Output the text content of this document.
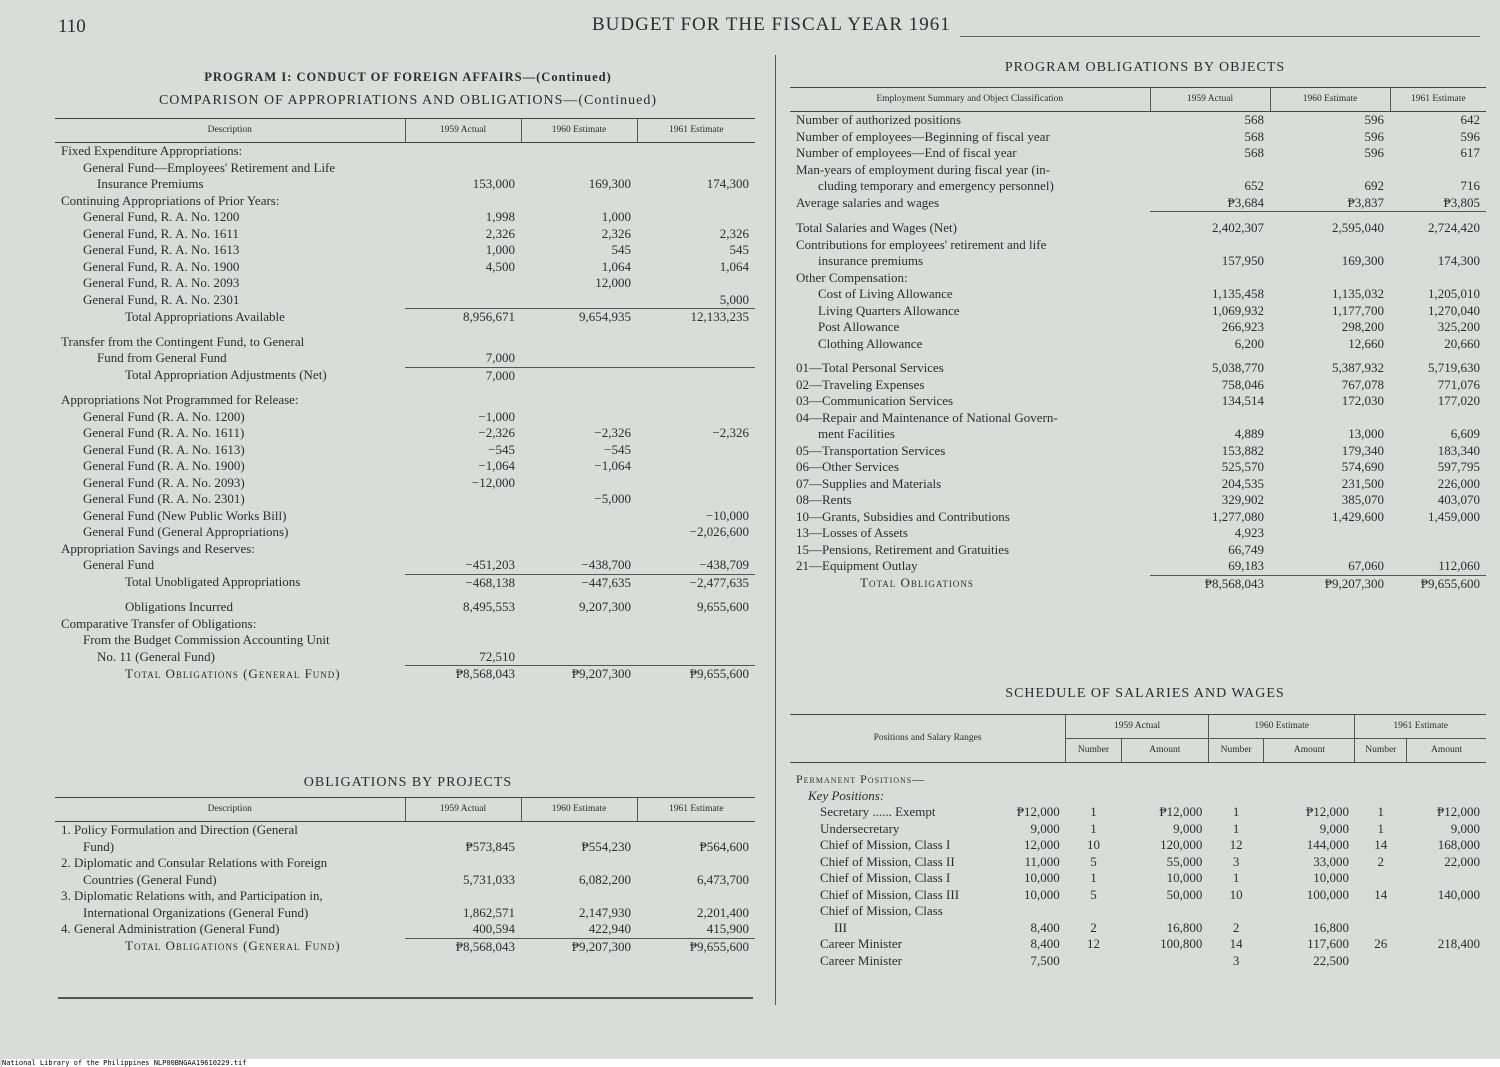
110	BUDGET FOR THE FISCAL YEAR 1961
PROGRAM I: CONDUCT OF FOREIGN AFFAIRS—(Continued)
COMPARISON OF APPROPRIATIONS AND OBLIGATIONS—(Continued)
Description	1959 Actual	1960 Estimate	1961 Estimate
Fixed Expenditure Appropriations:			
General Fund—Employees' Retirement and Life			
Insurance Premiums	153,000	169,300	174,300
Continuing Appropriations of Prior Years:			
General Fund, R. A. No. 1200	1,998	1,000	
General Fund, R. A. No. 1611	2,326	2,326	2,326
General Fund, R. A. No. 1613	1,000	545	545
General Fund, R. A. No. 1900	4,500	1,064	1,064
General Fund, R. A. No. 2093		12,000	
General Fund, R. A. No. 2301			5,000
Total Appropriations Available	8,956,671	9,654,935	12,133,235

Transfer from the Contingent Fund, to General			
Fund from General Fund	7,000		
Total Appropriation Adjustments (Net)	7,000		

Appropriations Not Programmed for Release:			
General Fund (R. A. No. 1200)	−1,000		
General Fund (R. A. No. 1611)	−2,326	−2,326	−2,326
General Fund (R. A. No. 1613)	−545	−545	
General Fund (R. A. No. 1900)	−1,064	−1,064	
General Fund (R. A. No. 2093)	−12,000		
General Fund (R. A. No. 2301)		−5,000	
General Fund (New Public Works Bill)			−10,000
General Fund (General Appropriations)			−2,026,600
Appropriation Savings and Reserves:			
General Fund	−451,203	−438,700	−438,709
Total Unobligated Appropriations	−468,138	−447,635	−2,477,635

Obligations Incurred	8,495,553	9,207,300	9,655,600
Comparative Transfer of Obligations:			
From the Budget Commission Accounting Unit			
No. 11 (General Fund)	72,510		
Total Obligations (General Fund)	₱8,568,043	₱9,207,300	₱9,655,600
OBLIGATIONS BY PROJECTS
Description	1959 Actual	1960 Estimate	1961 Estimate
1. Policy Formulation and Direction (General			
Fund)	₱573,845	₱554,230	₱564,600
2. Diplomatic and Consular Relations with Foreign			
Countries (General Fund)	5,731,033	6,082,200	6,473,700
3. Diplomatic Relations with, and Participation in,			
International Organizations (General Fund)	1,862,571	2,147,930	2,201,400
4. General Administration (General Fund)	400,594	422,940	415,900
Total Obligations (General Fund)	₱8,568,043	₱9,207,300	₱9,655,600
PROGRAM OBLIGATIONS BY OBJECTS
Employment Summary and Object Classification	1959 Actual	1960 Estimate	1961 Estimate
Number of authorized positions	568	596	642
Number of employees—Beginning of fiscal year	568	596	596
Number of employees—End of fiscal year	568	596	617
Man-years of employment during fiscal year (in-			
cluding temporary and emergency personnel)	652	692	716
Average salaries and wages	₱3,684	₱3,837	₱3,805

Total Salaries and Wages (Net)	2,402,307	2,595,040	2,724,420
Contributions for employees' retirement and life			
insurance premiums	157,950	169,300	174,300
Other Compensation:			
Cost of Living Allowance	1,135,458	1,135,032	1,205,010
Living Quarters Allowance	1,069,932	1,177,700	1,270,040
Post Allowance	266,923	298,200	325,200
Clothing Allowance	6,200	12,660	20,660

01—Total Personal Services	5,038,770	5,387,932	5,719,630
02—Traveling Expenses	758,046	767,078	771,076
03—Communication Services	134,514	172,030	177,020
04—Repair and Maintenance of National Govern-			
ment Facilities	4,889	13,000	6,609
05—Transportation Services	153,882	179,340	183,340
06—Other Services	525,570	574,690	597,795
07—Supplies and Materials	204,535	231,500	226,000
08—Rents	329,902	385,070	403,070
10—Grants, Subsidies and Contributions	1,277,080	1,429,600	1,459,000
13—Losses of Assets	4,923		
15—Pensions, Retirement and Gratuities	66,749		
21—Equipment Outlay	69,183	67,060	112,060
Total Obligations	₱8,568,043	₱9,207,300	₱9,655,600
SCHEDULE OF SALARIES AND WAGES
Positions and Salary Ranges		1959 Actual		1960 Estimate		1961 Estimate	
		Number	Amount	Number	Amount	Number	Amount

Permanent Positions—							
Key Positions:							
Secretary ...... Exempt	₱12,000	1	₱12,000	1	₱12,000	1	₱12,000
Undersecretary	9,000	1	9,000	1	9,000	1	9,000
Chief of Mission, Class I	12,000	10	120,000	12	144,000	14	168,000
Chief of Mission, Class II	11,000	5	55,000	3	33,000	2	22,000
Chief of Mission, Class I	10,000	1	10,000	1	10,000		
Chief of Mission, Class III	10,000	5	50,000	10	100,000	14	140,000
Chief of Mission, Class							
III	8,400	2	16,800	2	16,800		
Career Minister	8,400	12	100,800	14	117,600	26	218,400
Career Minister	7,500			3	22,500		
National Library of the Philippines NLP00BNGAA19610229.tif
